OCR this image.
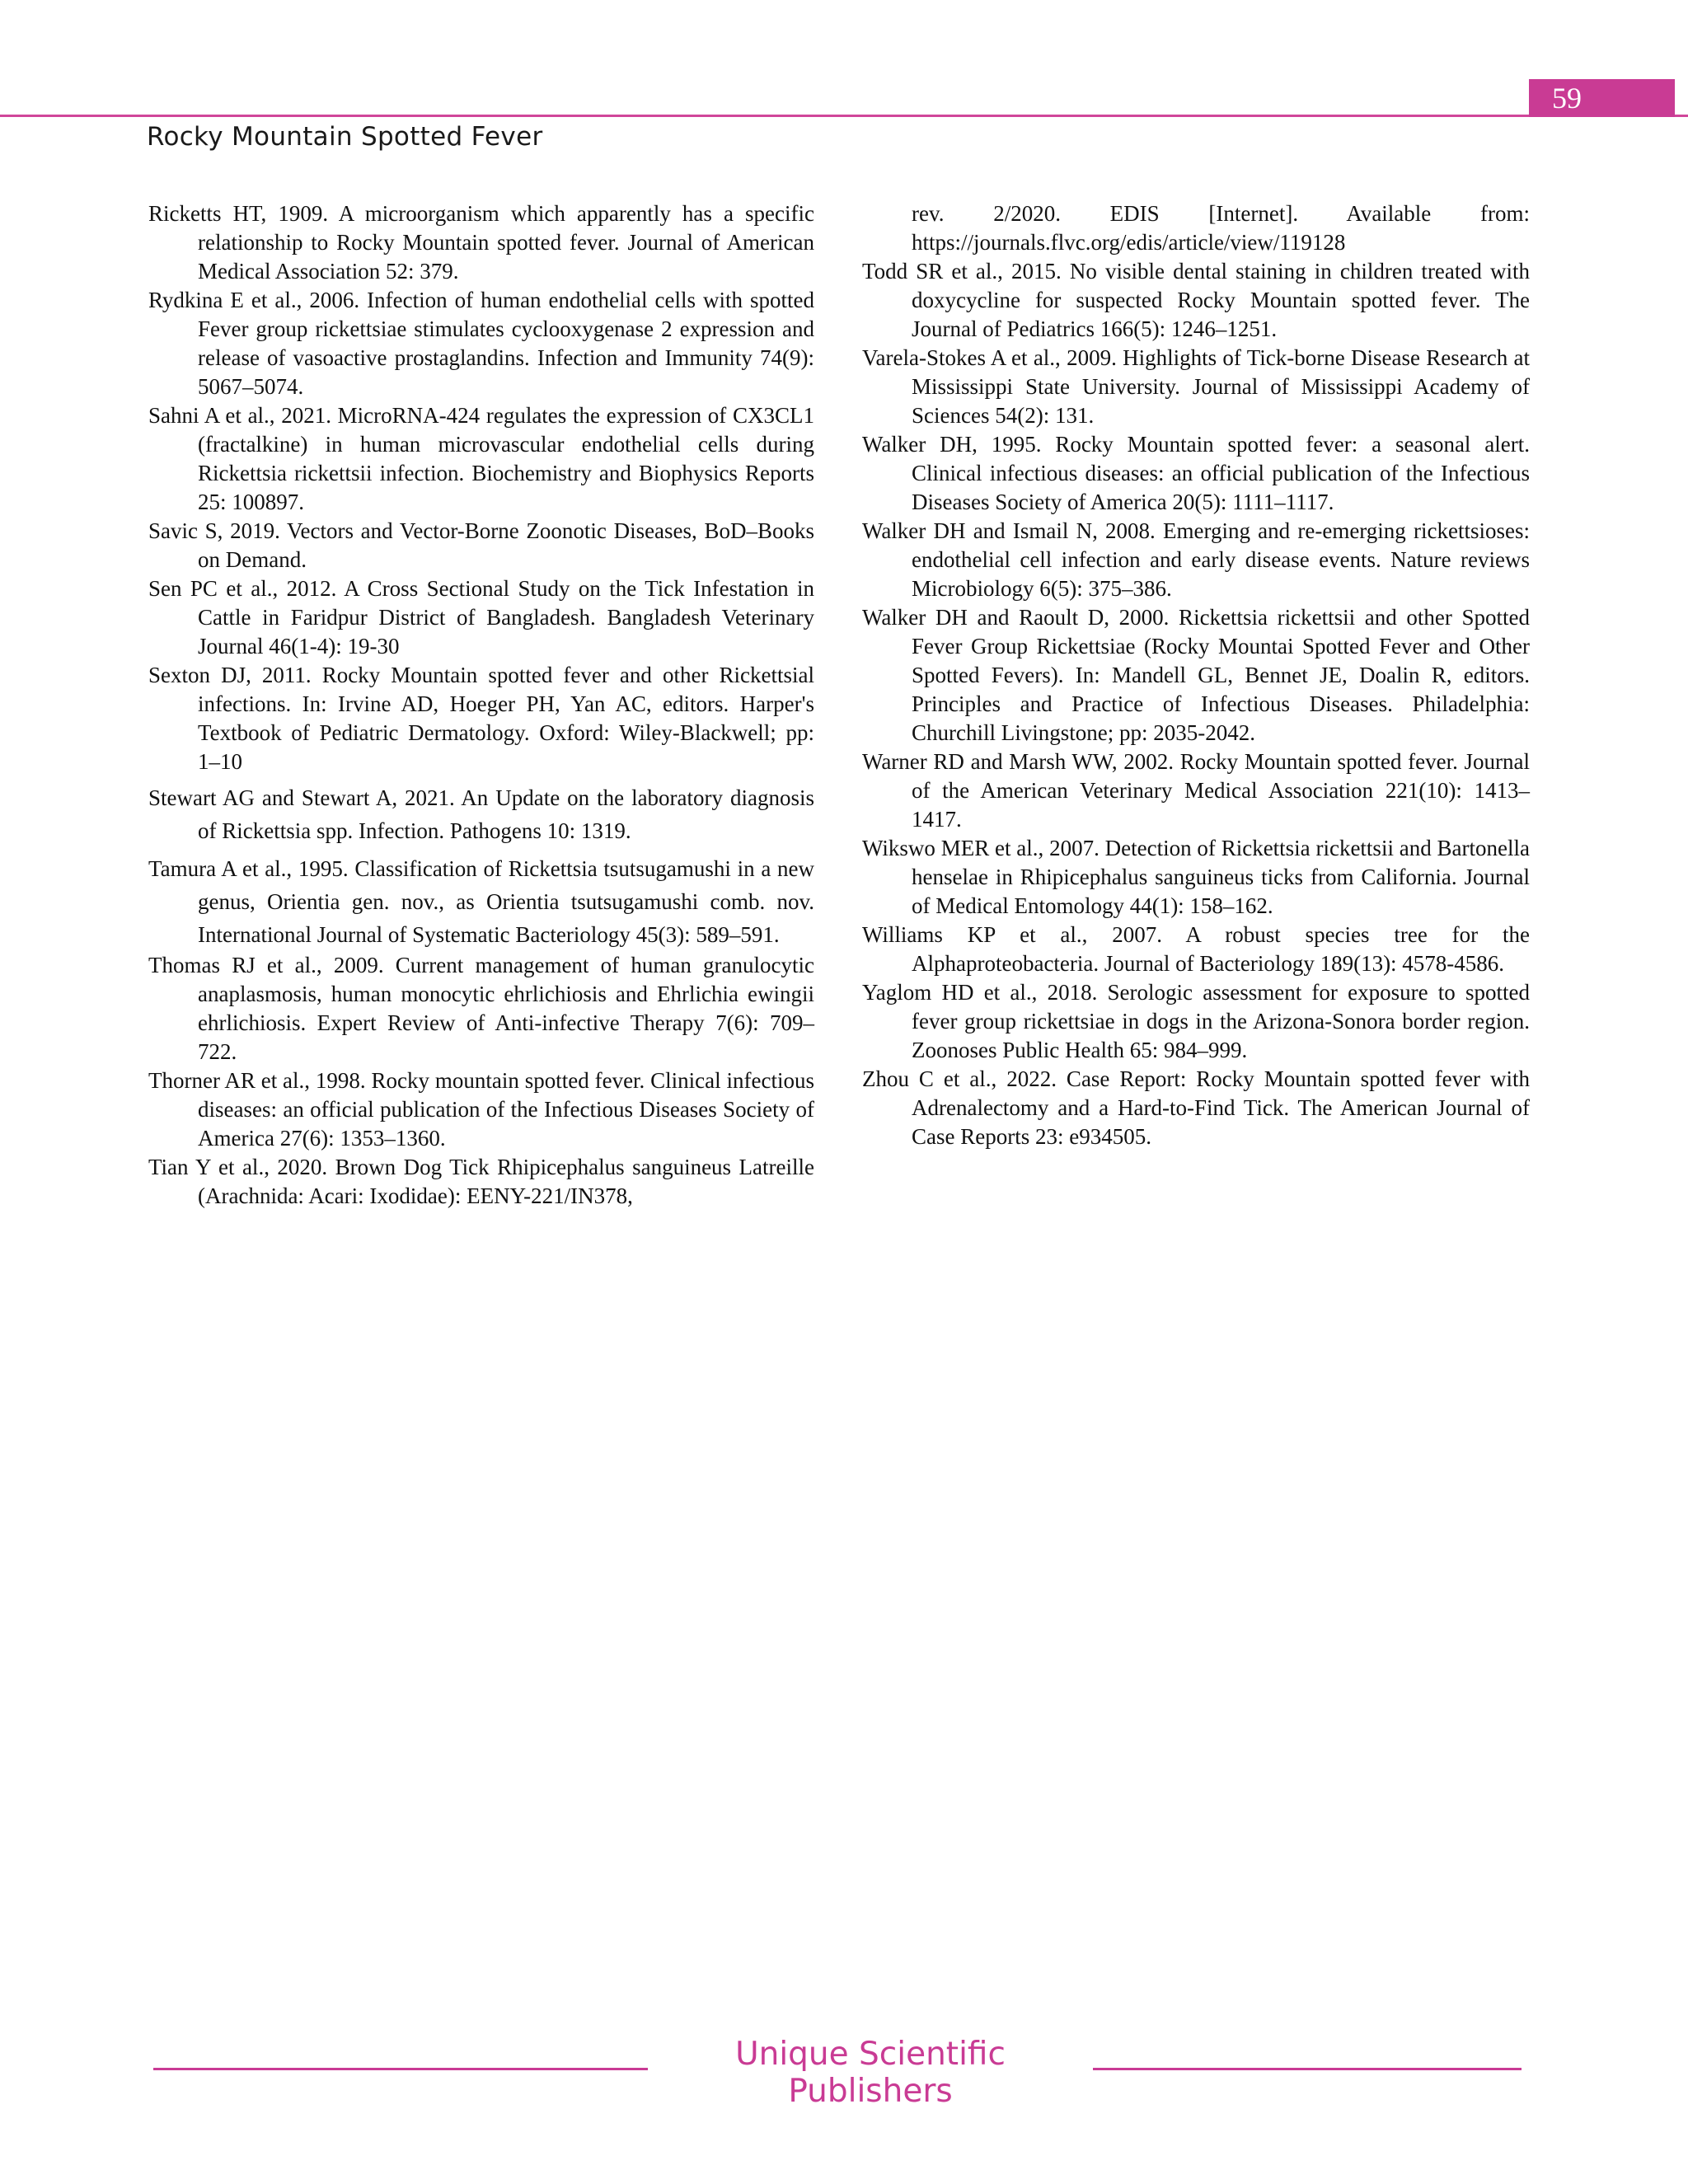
59
Rocky Mountain Spotted Fever

Ricketts HT, 1909. A microorganism which apparently has a specific relationship to Rocky Mountain spotted fever. Journal of American Medical Association 52: 379.

Rydkina E et al., 2006. Infection of human endothelial cells with spotted Fever group rickettsiae stimulates cyclooxygenase 2 expression and release of vasoactive prostaglandins. Infection and Immunity 74(9): 5067–5074.

Sahni A et al., 2021. MicroRNA-424 regulates the expression of CX3CL1 (fractalkine) in human microvascular endothelial cells during Rickettsia rickettsii infection. Biochemistry and Biophysics Reports 25: 100897.

Savic S, 2019. Vectors and Vector-Borne Zoonotic Diseases, BoD–Books on Demand.

Sen PC et al., 2012. A Cross Sectional Study on the Tick Infestation in Cattle in Faridpur District of Bangladesh. Bangladesh Veterinary Journal 46(1-4): 19-30

Sexton DJ, 2011. Rocky Mountain spotted fever and other Rickettsial infections. In: Irvine AD, Hoeger PH, Yan AC, editors. Harper's Textbook of Pediatric Dermatology. Oxford: Wiley-Blackwell; pp: 1–10

Stewart AG and Stewart A, 2021. An Update on the laboratory diagnosis of Rickettsia spp. Infection. Pathogens 10: 1319.

Tamura A et al., 1995. Classification of Rickettsia tsutsugamushi in a new genus, Orientia gen. nov., as Orientia tsutsugamushi comb. nov. International Journal of Systematic Bacteriology 45(3): 589–591.

Thomas RJ et al., 2009. Current management of human granulocytic anaplasmosis, human monocytic ehrlichiosis and Ehrlichia ewingii ehrlichiosis. Expert Review of Anti-infective Therapy 7(6): 709–722.

Thorner AR et al., 1998. Rocky mountain spotted fever. Clinical infectious diseases: an official publication of the Infectious Diseases Society of America 27(6): 1353–1360.

Tian Y et al., 2020. Brown Dog Tick Rhipicephalus sanguineus Latreille (Arachnida: Acari: Ixodidae): EENY-221/IN378,

rev. 2/2020. EDIS [Internet]. Available from: https://journals.flvc.org/edis/article/view/119128

Todd SR et al., 2015. No visible dental staining in children treated with doxycycline for suspected Rocky Mountain spotted fever. The Journal of Pediatrics 166(5): 1246–1251.

Varela-Stokes A et al., 2009. Highlights of Tick-borne Disease Research at Mississippi State University. Journal of Mississippi Academy of Sciences 54(2): 131.

Walker DH, 1995. Rocky Mountain spotted fever: a seasonal alert. Clinical infectious diseases: an official publication of the Infectious Diseases Society of America 20(5): 1111–1117.

Walker DH and Ismail N, 2008. Emerging and re-emerging rickettsioses: endothelial cell infection and early disease events. Nature reviews Microbiology 6(5): 375–386.

Walker DH and Raoult D, 2000. Rickettsia rickettsii and other Spotted Fever Group Rickettsiae (Rocky Mountai Spotted Fever and Other Spotted Fevers). In: Mandell GL, Bennet JE, Doalin R, editors. Principles and Practice of Infectious Diseases. Philadelphia: Churchill Livingstone; pp: 2035-2042.

Warner RD and Marsh WW, 2002. Rocky Mountain spotted fever. Journal of the American Veterinary Medical Association 221(10): 1413–1417.

Wikswo MER et al., 2007. Detection of Rickettsia rickettsii and Bartonella henselae in Rhipicephalus sanguineus ticks from California. Journal of Medical Entomology 44(1): 158–162.

Williams KP et al., 2007. A robust species tree for the Alphaproteobacteria. Journal of Bacteriology 189(13): 4578-4586.

Yaglom HD et al., 2018. Serologic assessment for exposure to spotted fever group rickettsiae in dogs in the Arizona-Sonora border region. Zoonoses Public Health 65: 984–999.

Zhou C et al., 2022. Case Report: Rocky Mountain spotted fever with Adrenalectomy and a Hard-to-Find Tick. The American Journal of Case Reports 23: e934505.

Unique Scientific Publishers
